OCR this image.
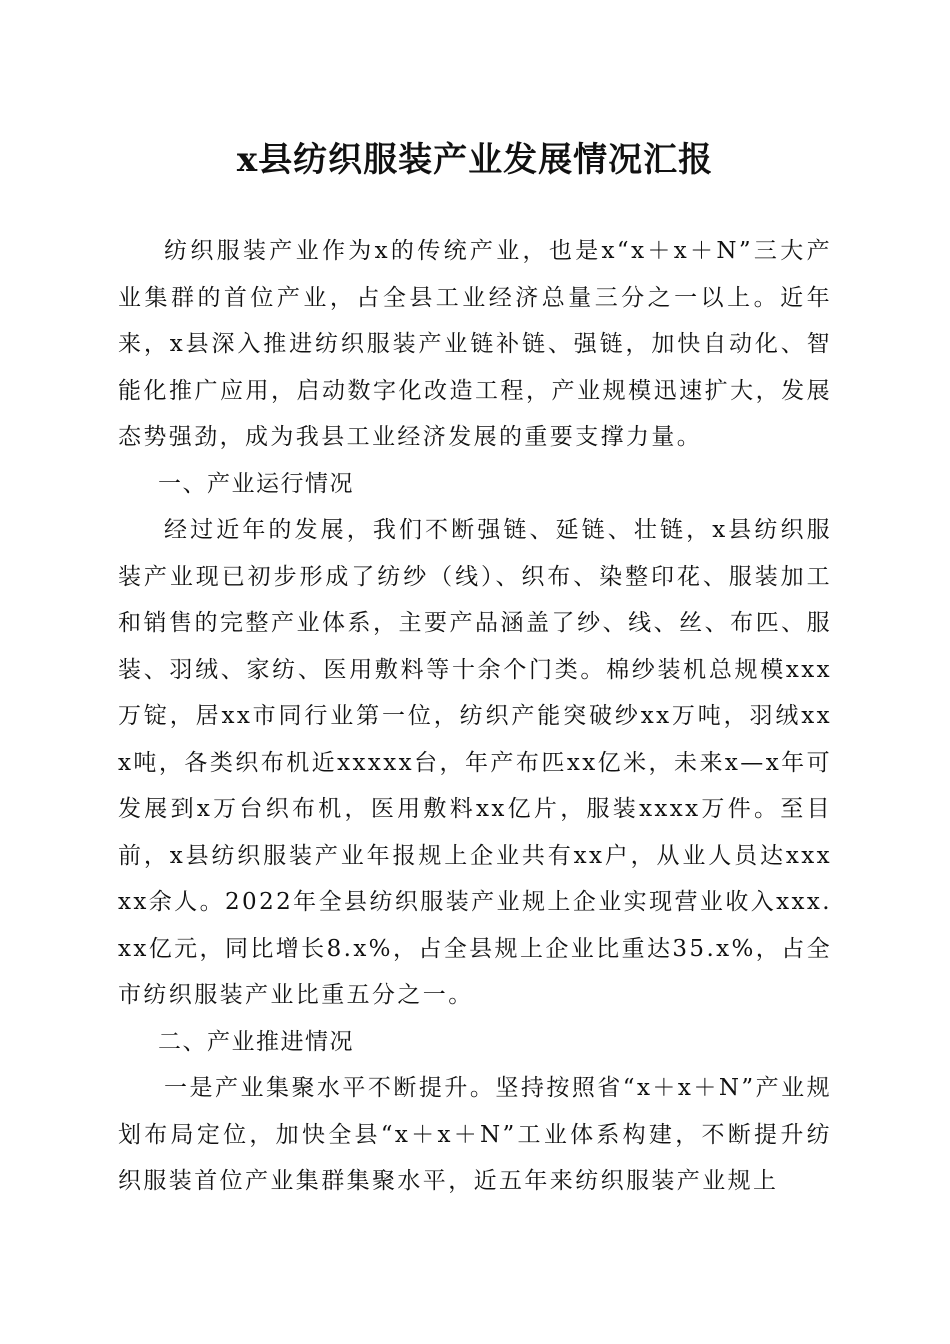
x县纺织服装产业发展情况汇报

纺织服装产业作为x的传统产业，也是x“x＋x＋N”三大产业集群的首位产业，占全县工业经济总量三分之一以上。近年来，x县深入推进纺织服装产业链补链、强链，加快自动化、智能化推广应用，启动数字化改造工程，产业规模迅速扩大，发展态势强劲，成为我县工业经济发展的重要支撑力量。

一、产业运行情况

经过近年的发展，我们不断强链、延链、壮链，x县纺织服装产业现已初步形成了纺纱（线）、织布、染整印花、服装加工和销售的完整产业体系，主要产品涵盖了纱、线、丝、布匹、服装、羽绒、家纺、医用敷料等十余个门类。棉纱装机总规模xxx万锭，居xx市同行业第一位，纺织产能突破纱xx万吨，羽绒xxx吨，各类织布机近xxxxx台，年产布匹xx亿米，未来x—x年可发展到x万台织布机，医用敷料xx亿片，服装xxxx万件。至目前，x县纺织服装产业年报规上企业共有xx户，从业人员达xxxxx余人。2022年全县纺织服装产业规上企业实现营业收入xxx.xx亿元，同比增长8.x%，占全县规上企业比重达35.x%，占全市纺织服装产业比重五分之一。

二、产业推进情况

一是产业集聚水平不断提升。坚持按照省“x＋x＋N”产业规划布局定位，加快全县“x＋x＋N”工业体系构建，不断提升纺织服装首位产业集群集聚水平，近五年来纺织服装产业规上
